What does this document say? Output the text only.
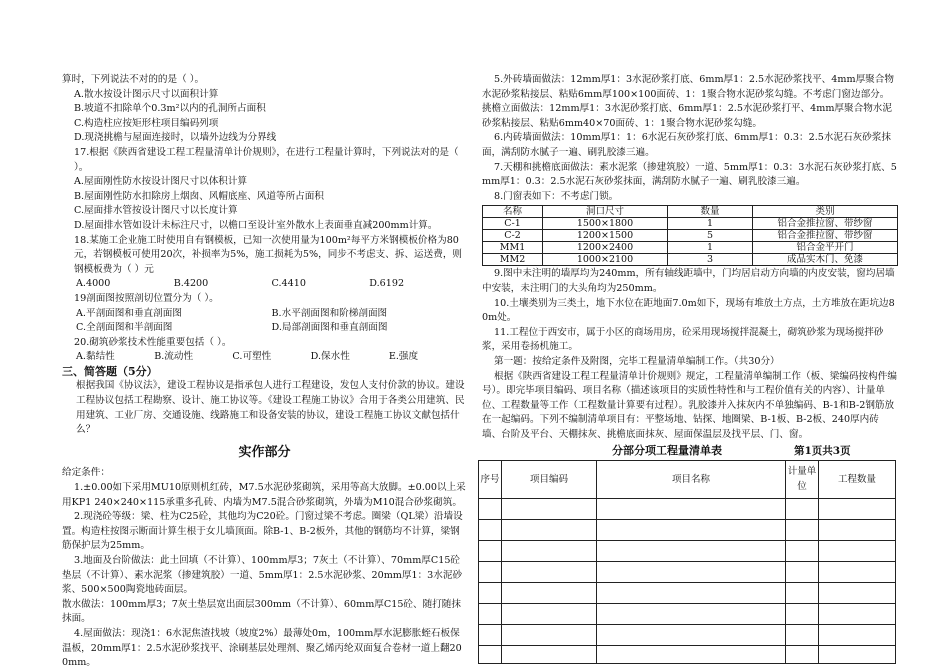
算时，下列说法不对的的是（ ）。

A.散水按设计图示尺寸以面积计算

B.坡道不扣除单个0.3m²以内的孔洞所占面积

C.构造柱应按矩形柱项目编码列项

D.现浇挑檐与屋面连接时，以墙外边线为分界线

17.根据《陕西省建设工程工程量清单计价规则》，在进行工程量计算时，下列说法对的是（ ）。

A.屋面刚性防水按设计图尺寸以体积计算

B.屋面刚性防水扣除房上烟囱、风帽底座、风道等所占面积

C.屋面排水管按设计图尺寸以长度计算

D.屋面排水管如设计未标注尺寸，以檐口至设计室外散水上表面垂直减200mm计算。

18.某施工企业施工时使用自有钢模板，已知一次使用量为100m²每平方米钢模板价格为80元，若钢模板可使用20次，补损率为5%，施工损耗为5%，同步不考虑支、拆、运送费，则钢模板费为（ ）元

A.4000	B.4200	C.4410	D.6192

19剖面图按照剖切位置分为（ ）。

A.平剖面图和垂直剖面图	B.水平剖面图和阶梯剖面图
C.全剖面图和半剖面图	D.局部剖面图和垂直剖面图

20.砌筑砂浆技术性能重要包括（ ）。

A.黏结性	B.流动性	C.可塑性	D.保水性	E.强度

三、简答题（5分）

根据我国《协议法》，建设工程协议是指承包人进行工程建设，发包人支付价款的协议。建设工程协议包括工程勘察、设计、施工协议等。《建设工程施工协议》合用于各类公用建筑、民用建筑、工业厂房、交通设施、线路施工和设备安装的协议，建设工程施工协议文献包括什么？

实作部分

给定条件：

1.±0.00如下采用MU10原则机红砖，M7.5水泥砂浆砌筑，采用等高大放脚。±0.00以上采用KP1 240×240×115承重多孔砖、内墙为M7.5混合砂浆砌筑，外墙为M10混合砂浆砌筑。

2.现浇砼等级：梁、柱为C25砼，其他均为C20砼。门窗过梁不考虑。圈梁（QL梁）沿墙设置。构造柱按图示断面计算生根于女儿墙顶面。除B-1、B-2板外，其他的钢筋均不计算，梁钢筋保护层为25mm。

3.地面及台阶做法：此土回填（不计算）、100mm厚3；7灰土（不计算）、70mm厚C15砼垫层（不计算）、素水泥浆（掺建筑胶）一道、5mm厚1：2.5水泥砂浆、20mm厚1：3水泥砂浆、500×500陶瓷地砖面层。

散水做法：100mm厚3；7灰土垫层宽出面层300mm（不计算）、60mm厚C15砼、随打随抹抹面。

4.屋面做法：现浇1：6水泥焦渣找坡（坡度2%）最薄处0m，100mm厚水泥膨胀蛭石板保温板，20mm厚1：2.5水泥砂浆找平、涂刷基层处理剂、聚乙烯丙纶双面复合卷材一道上翻200mm。

5.外砖墙面做法：12mm厚1：3水泥砂浆打底、6mm厚1：2.5水泥砂浆找平、4mm厚聚合物水泥砂浆粘接层、粘贴6mm厚100×100面砖、1：1聚合物水泥砂浆勾缝。不考虑门窗边部分。

挑檐立面做法：12mm厚1：3水泥砂浆打底、6mm厚1：2.5水泥砂浆打平、4mm厚聚合物水泥砂浆粘接层、粘贴6mm40×70面砖、1：1聚合物水泥砂浆勾缝。

6.内砖墙面做法：10mm厚1：1：6水泥石灰砂浆打底、6mm厚1：0.3：2.5水泥石灰砂浆抹面，满刮防水腻子一遍、刷乳胶漆三遍。

7.天棚和挑檐底面做法：素水泥浆（掺建筑胶）一道、5mm厚1：0.3：3水泥石灰砂浆打底、5mm厚1：0.3：2.5水泥石灰砂浆抹面，满刮防水腻子一遍、刷乳胶漆三遍。

8.门窗表如下：不考虑门锁。

名称	洞口尺寸	数量	类别
C-1	1500×1800	1	铝合金推拉窗、带纱窗
C-2	1200×1500	5	铝合金推拉窗、带纱窗
MM1	1200×2400	1	铝合金平开门
MM2	1000×2100	3	成品实木门、免漆

9.图中未注明的墙厚均为240mm，所有轴线距墙中，门均居启动方向墙的内皮安装，窗均居墙中安装，未注明门的大头角均为250mm。

10.土壤类别为三类土，地下水位在距地面7.0m如下，现场有堆放土方点，土方堆放在距坑边80m处。

11.工程位于西安市，属于小区的商场用房，砼采用现场搅拌混凝土，砌筑砂浆为现场搅拌砂浆，采用卷扬机施工。

第一题：按给定条件及附图，完毕工程量清单编制工作。（共30分）

根据《陕西省建设工程工程量清单计价规则》规定，工程量清单编制工作（板、梁编码按构件编号）。即完毕项目编码、项目名称（描述该项目的实质性特性和与工程价值有关的内容）、计量单位、工程数量等工作（工程数量计算要有过程）。乳胶漆并入抹灰内不单独编码、B-1和B-2钢筋放在一起编码。下列不编制清单项目有：平整场地、钻探、地圈梁、B-1板、B-2板、240厚内砖墙、台阶及平台、天棚抹灰、挑檐底面抹灰、屋面保温层及找平层、门、窗。

分部分项工程量清单表	第1页共3页
序号	项目编码	项目名称	计量单位	工程数量
